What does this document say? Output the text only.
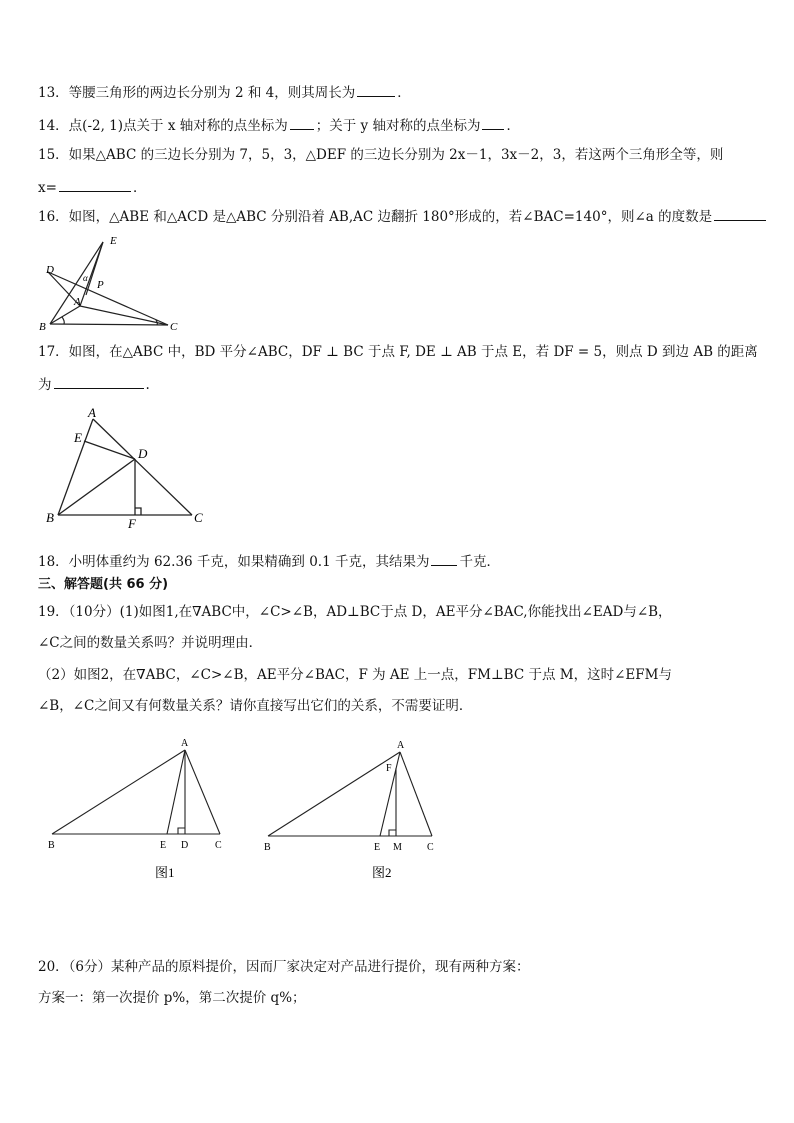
13．等腰三角形的两边长分别为 2 和 4，则其周长为	．
14．点(-2, 1)点关于 x 轴对称的点坐标为 ；关于 y 轴对称的点坐标为 ．
15．如果△ABC 的三边长分别为 7，5，3，△DEF 的三边长分别为 2x－1，3x－2，3，若这两个三角形全等，则
x=	．
16．如图，△ABE 和△ACD 是△ABC 分别沿着 AB,AC 边翻折 180°形成的，若∠BAC=140°，则∠a 的度数是
E
D
α
P
A
B	C
17．如图，在△ABC 中，BD 平分∠ABC，DF ⊥ BC 于点 F, DE ⊥ AB 于点 E，若 DF = 5，则点 D 到边 AB 的距离
为	.
A
E
D
B	F	C
18．小明体重约为 62.36 千克，如果精确到 0.1 千克，其结果为 千克．
三、解答题(共 66 分)
19．（10分）(1)如图1,在∇ABC中，∠C>∠B，AD⊥BC于点 D，AE平分∠BAC,你能找出∠EAD与∠B，
∠C之间的数量关系吗？并说明理由．
（2）如图2，在∇ABC，∠C>∠B，AE平分∠BAC，F 为 AE 上一点，FM⊥BC 于点 M，这时∠EFM与
∠B，∠C之间又有何数量关系？请你直接写出它们的关系，不需要证明．
A
B	E D	C
图1
A
F
B	E M	C
图2
20．（6分）某种产品的原料提价，因而厂家决定对产品进行提价，现有两种方案：
方案一：第一次提价 p%，第二次提价 q%；
